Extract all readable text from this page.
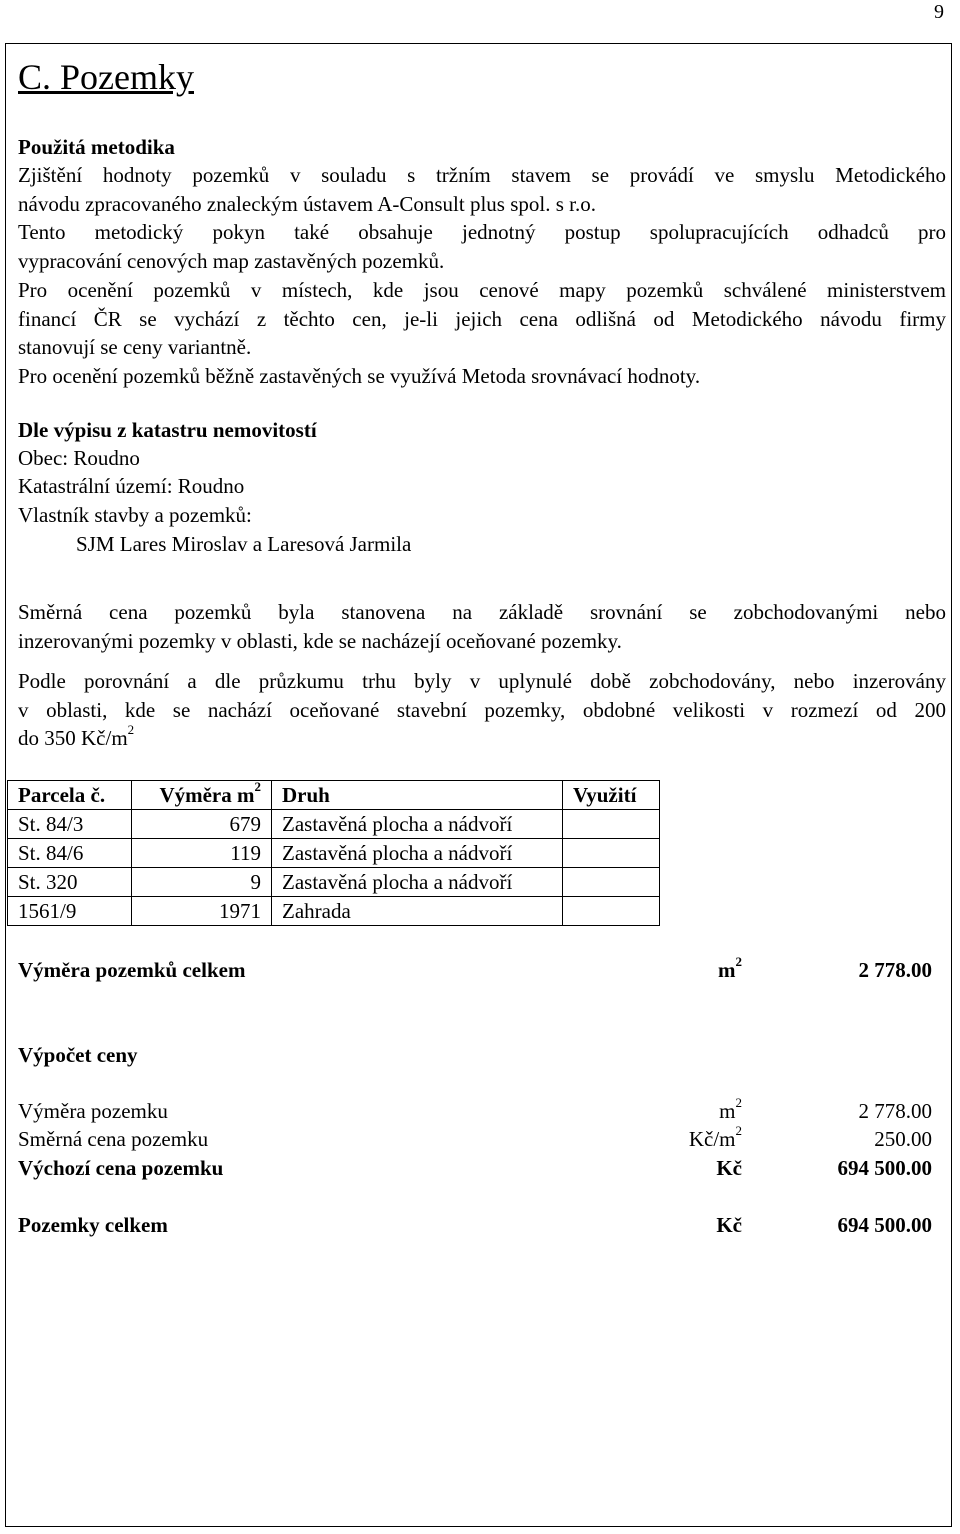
9
C. Pozemky
Použitá metodika
Zjištění hodnoty pozemků v souladu s tržním stavem se provádí ve smyslu Metodického
návodu zpracovaného znaleckým ústavem A-Consult plus spol. s r.o.
Tento metodický pokyn také obsahuje jednotný postup spolupracujících odhadců pro
vypracování cenových map zastavěných pozemků.
Pro ocenění pozemků v místech, kde jsou cenové mapy pozemků schválené ministerstvem
financí ČR se vychází z těchto cen, je-li jejich cena odlišná od Metodického návodu firmy
stanovují se ceny variantně.
Pro ocenění pozemků běžně zastavěných se využívá Metoda srovnávací hodnoty.
Dle výpisu z katastru nemovitostí
Obec: Roudno
Katastrální území: Roudno
Vlastník stavby a pozemků:
SJM Lares Miroslav a Laresová Jarmila
Směrná cena pozemků byla stanovena na základě srovnání se zobchodovanými nebo
inzerovanými pozemky v oblasti, kde se nacházejí oceňované pozemky.
Podle porovnání a dle průzkumu trhu byly v uplynulé době zobchodovány, nebo inzerovány
v oblasti, kde se nachází oceňované stavební pozemky, obdobné velikosti v rozmezí od 200
do 350 $Kč/m^2$
Parcela č.	Výměra $m^2$	Druh	Využití
St. 84/3	679	Zastavěná plocha a nádvoří	
St. 84/6	119	Zastavěná plocha a nádvoří	
St. 320	9	Zastavěná plocha a nádvoří	
1561/9	1971	Zahrada	
Výměra pozemků celkem	$m^2$	2 778.00
Výpočet ceny
Výměra pozemku	$m^2$	2 778.00
Směrná cena pozemku	$Kč/m^2$	250.00
Výchozí cena pozemku	Kč	694 500.00
Pozemky celkem	Kč	694 500.00
